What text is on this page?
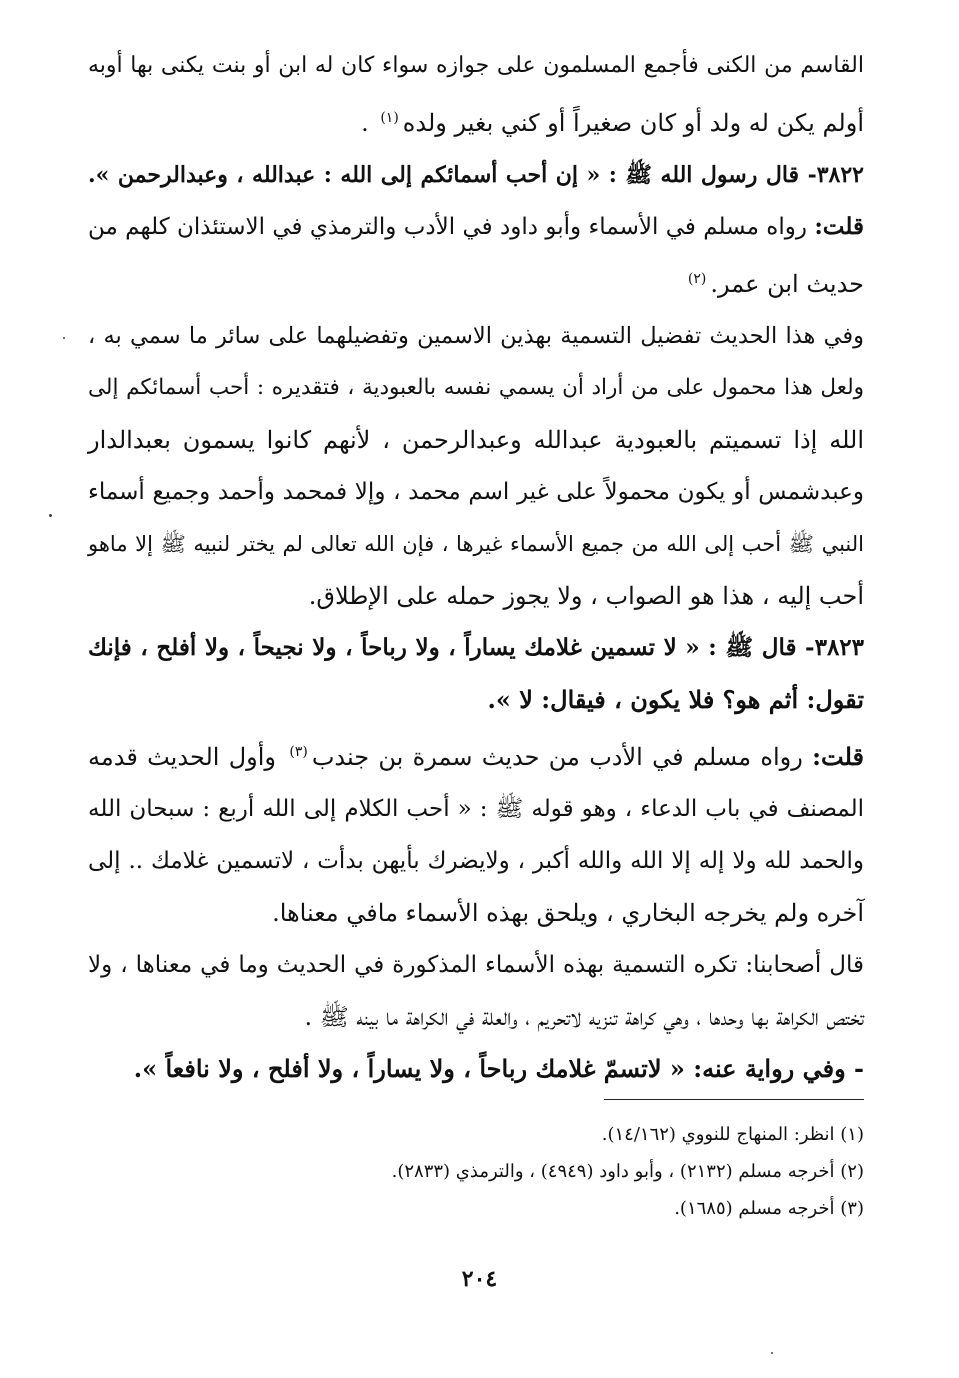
القاسم من الكنى فأجمع المسلمون على جوازه سواء كان له ابن أو بنت يكنى بها أوبه
أولم يكن له ولد أو كان صغيراً أو كني بغير ولده$^{(١)}$ .
٣٨٢٢- قال رسول الله ﷺ : « إن أحب أسمائكم إلى الله : عبدالله ، وعبدالرحمن ».
قلت: رواه مسلم في الأسماء وأبو داود في الأدب والترمذي في الاستئذان كلهم من
حديث ابن عمر.$^{(٢)}$
وفي هذا الحديث تفضيل التسمية بهذين الاسمين وتفضيلهما على سائر ما سمي به ،
ولعل هذا محمول على من أراد أن يسمي نفسه بالعبودية ، فتقديره : أحب أسمائكم إلى
الله إذا تسميتم بالعبودية عبدالله وعبدالرحمن ، لأنهم كانوا يسمون بعبدالدار
وعبدشمس أو يكون محمولاً على غير اسم محمد ، وإلا فمحمد وأحمد وجميع أسماء
النبي ﷺ أحب إلى الله من جميع الأسماء غيرها ، فإن الله تعالى لم يختر لنبيه ﷺ إلا ماهو
أحب إليه ، هذا هو الصواب ، ولا يجوز حمله على الإطلاق.
٣٨٢٣- قال ﷺ : « لا تسمين غلامك يساراً ، ولا رباحاً ، ولا نجيحاً ، ولا أفلح ، فإنك
تقول: أثم هو؟ فلا يكون ، فيقال: لا ».
قلت: رواه مسلم في الأدب من حديث سمرة بن جندب$^{(٣)}$ وأول الحديث قدمه
المصنف في باب الدعاء ، وهو قوله ﷺ : « أحب الكلام إلى الله أربع : سبحان الله
والحمد لله ولا إله إلا الله والله أكبر ، ولايضرك بأيهن بدأت ، لاتسمين غلامك .. إلى
آخره ولم يخرجه البخاري ، ويلحق بهذه الأسماء مافي معناها.
قال أصحابنا: تكره التسمية بهذه الأسماء المذكورة في الحديث وما في معناها ، ولا
تختص الكراهة بها وحدها ، وهي كراهة تنزيه لاتحريم ، والعلة في الكراهة ما بينه ﷺ .
- وفي رواية عنه: « لاتسمّ غلامك رباحاً ، ولا يساراً ، ولا أفلح ، ولا نافعاً ».
(١) انظر: المنهاج للنووي (١٤/١٦٢).
(٢) أخرجه مسلم (٢١٣٢) ، وأبو داود (٤٩٤٩) ، والترمذي (٢٨٣٣).
(٣) أخرجه مسلم (١٦٨٥).
٢٠٤
